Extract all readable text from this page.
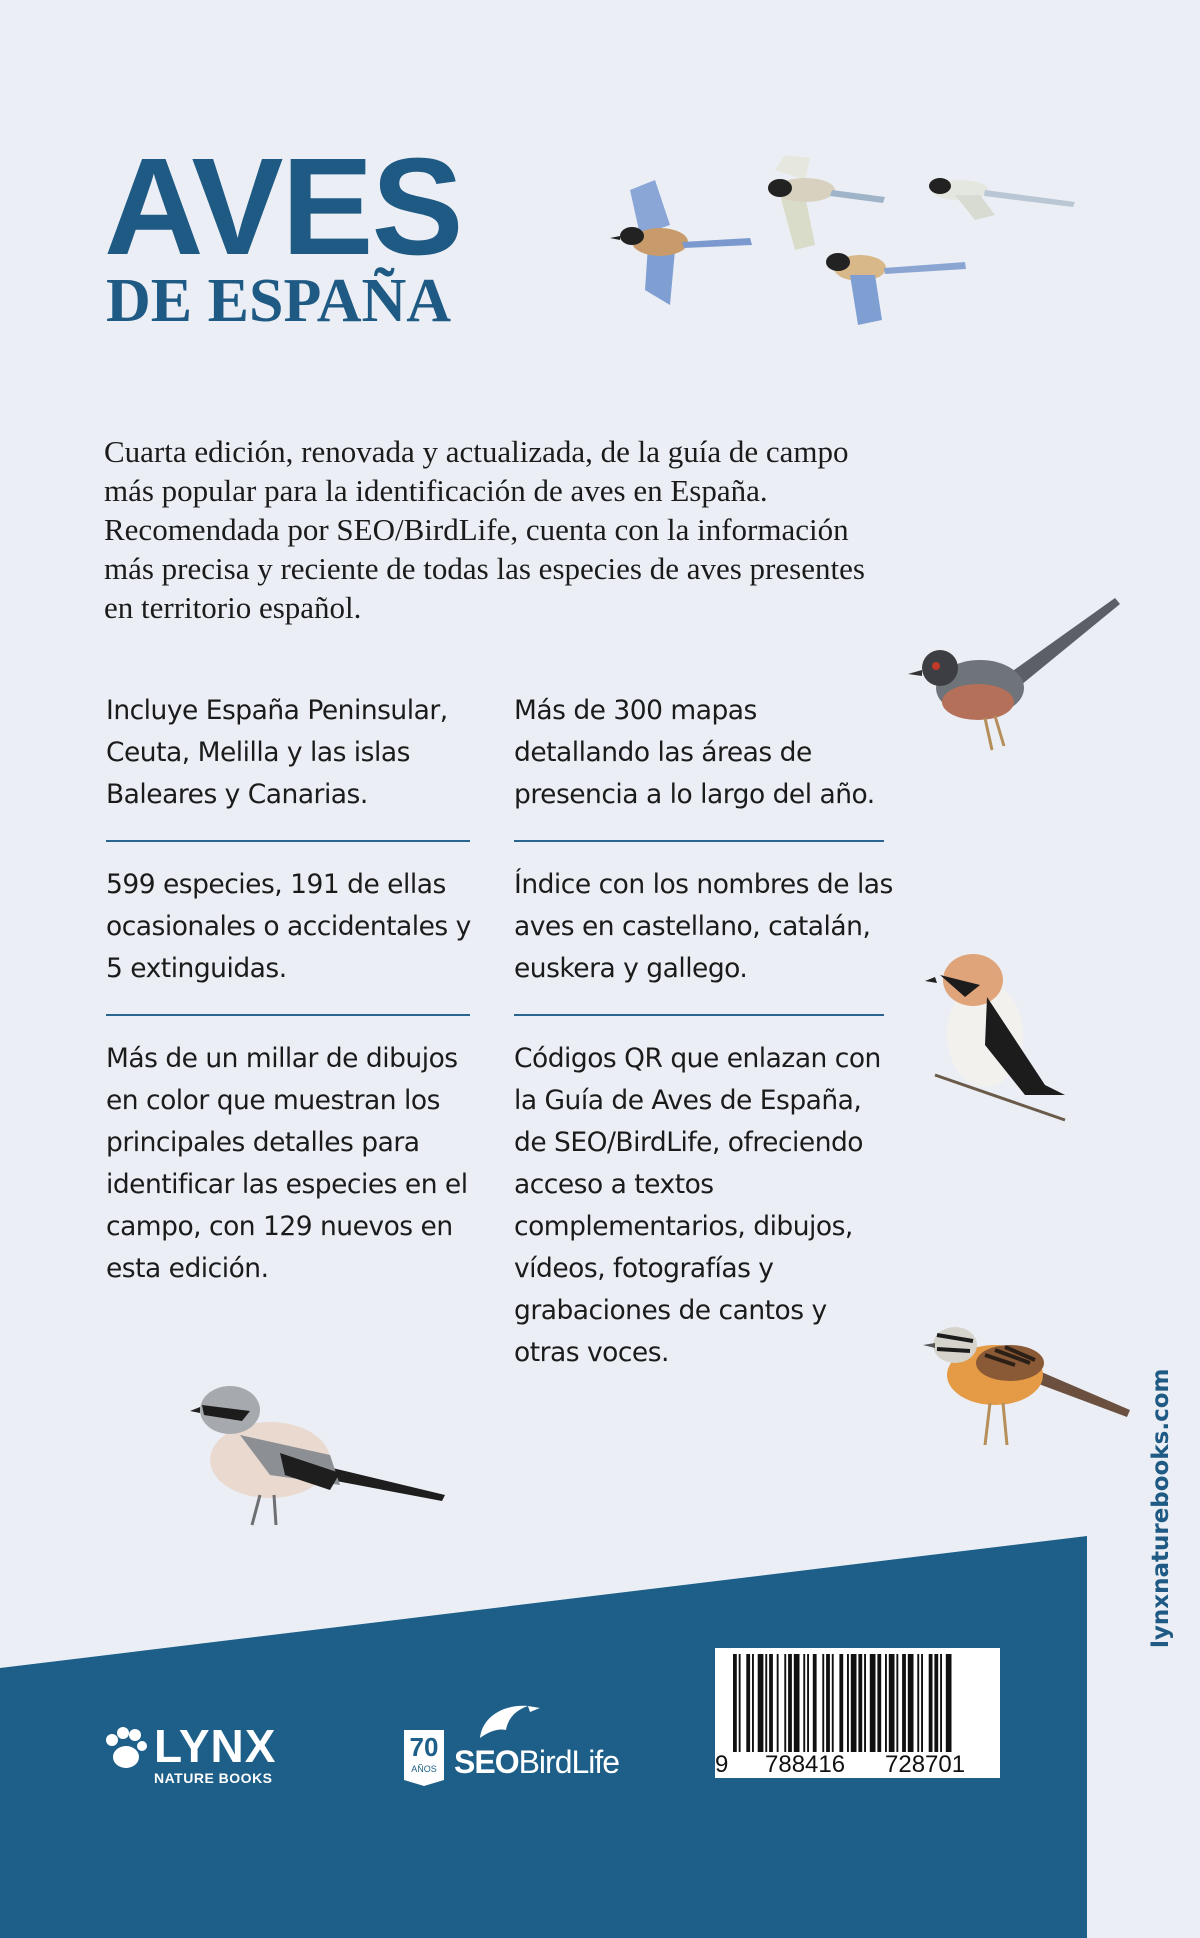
AVES
DE ESPAÑA

Cuarta edición, renovada y actualizada, de la guía de campo más popular para la identificación de aves en España. Recomendada por SEO/BirdLife, cuenta con la información más precisa y reciente de todas las especies de aves presentes en territorio español.

Incluye España Peninsular, Ceuta, Melilla y las islas Baleares y Canarias.

599 especies, 191 de ellas ocasionales o accidentales y 5 extinguidas.

Más de un millar de dibujos en color que muestran los principales detalles para identificar las especies en el campo, con 129 nuevos en esta edición.

Más de 300 mapas detallando las áreas de presencia a lo largo del año.

Índice con los nombres de las aves en castellano, catalán, euskera y gallego.

Códigos QR que enlazan con la Guía de Aves de España, de SEO/BirdLife, ofreciendo acceso a textos complementarios, dibujos, vídeos, fotografías y grabaciones de cantos y otras voces.

LYNX
NATURE BOOKS
70
AÑOS SEOBirdLife	9 788416 728701
lynxnaturebooks.com
